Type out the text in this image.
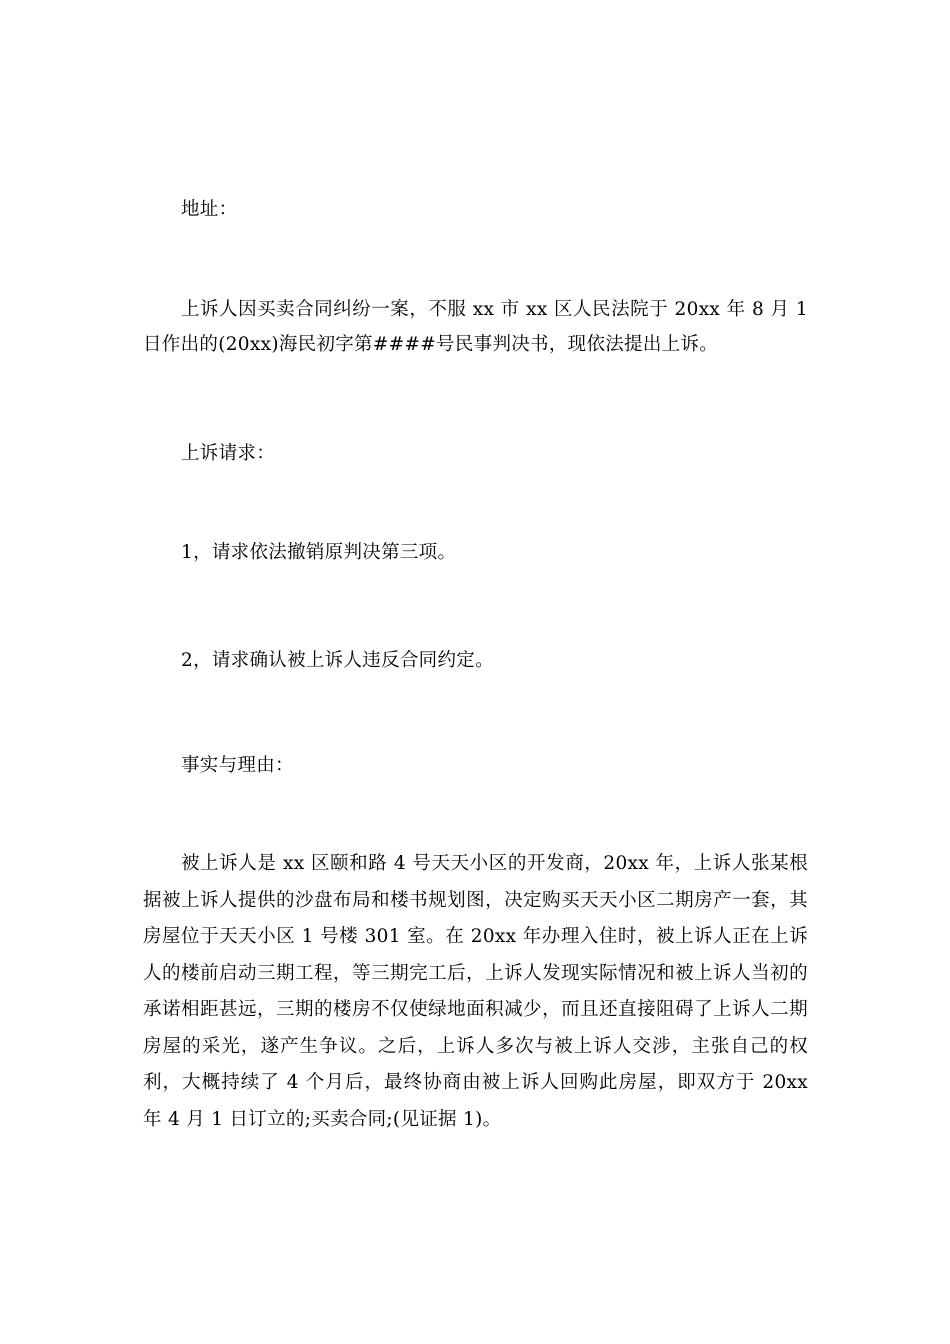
地址：

上诉人因买卖合同纠纷一案，不服 xx 市 xx 区人民法院于 20xx 年 8 月 1 日作出的(20xx)海民初字第####号民事判决书，现依法提出上诉。

上诉请求：

1，请求依法撤销原判决第三项。

2，请求确认被上诉人违反合同约定。

事实与理由：

被上诉人是 xx 区颐和路 4 号天天小区的开发商，20xx 年，上诉人张某根据被上诉人提供的沙盘布局和楼书规划图，决定购买天天小区二期房产一套，其房屋位于天天小区 1 号楼 301 室。在 20xx 年办理入住时，被上诉人正在上诉人的楼前启动三期工程，等三期完工后，上诉人发现实际情况和被上诉人当初的承诺相距甚远，三期的楼房不仅使绿地面积减少，而且还直接阻碍了上诉人二期房屋的采光，遂产生争议。之后，上诉人多次与被上诉人交涉，主张自己的权利，大概持续了 4 个月后，最终协商由被上诉人回购此房屋，即双方于 20xx 年 4 月 1 日订立的;买卖合同;(见证据 1)。
